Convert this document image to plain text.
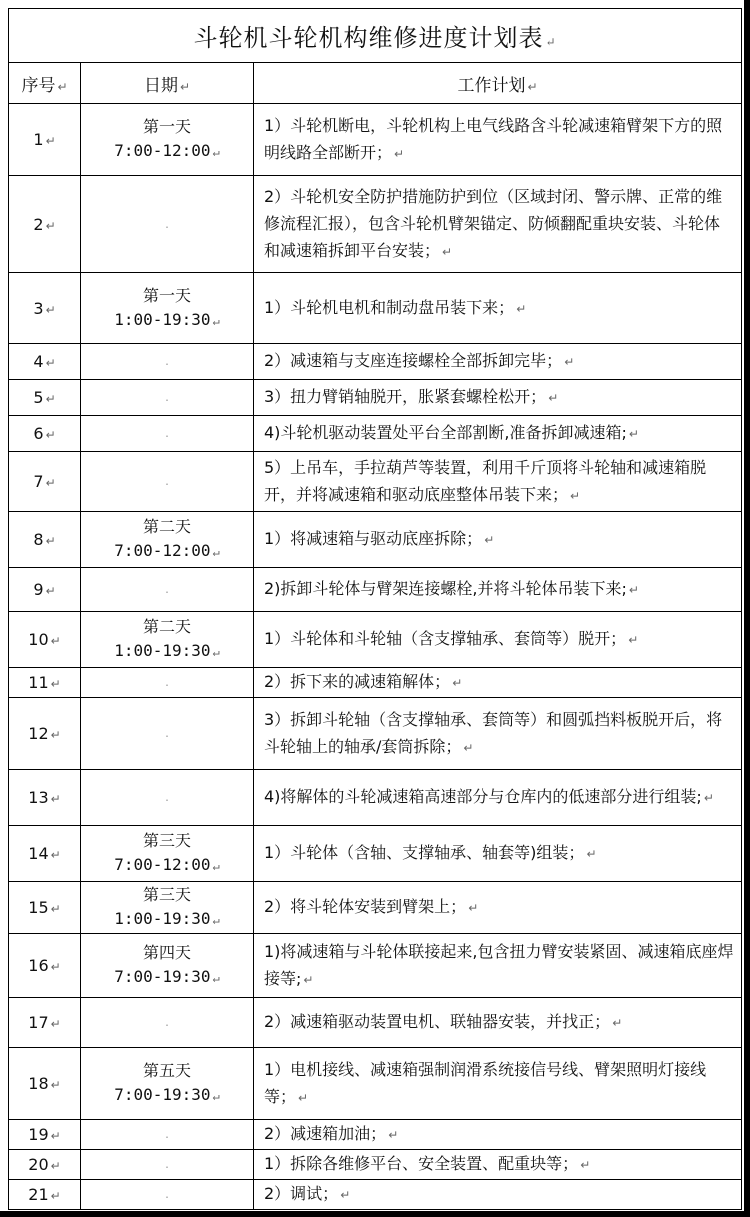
斗轮机斗轮机构维修进度计划表 ↵		
序号 ↵	日期 ↵	工作计划 ↵
1 ↵	第一天
7:00-12:00 ↵	1）斗轮机断电，斗轮机构上电气线路含斗轮减速箱臂架下方的照明线路全部断开； ↵
2 ↵	.	2）斗轮机安全防护措施防护到位（区域封闭、警示牌、正常的维修流程汇报），包含斗轮机臂架锚定、防倾翻配重块安装、斗轮体和减速箱拆卸平台安装； ↵
3 ↵	第一天
1:00-19:30 ↵	1）斗轮机电机和制动盘吊装下来； ↵
4 ↵	.	2）减速箱与支座连接螺栓全部拆卸完毕； ↵
5 ↵	.	3）扭力臂销轴脱开，胀紧套螺栓松开； ↵
6 ↵	.	4)斗轮机驱动装置处平台全部割断,准备拆卸减速箱; ↵
7 ↵	.	5）上吊车，手拉葫芦等装置，利用千斤顶将斗轮轴和减速箱脱开，并将减速箱和驱动底座整体吊装下来； ↵
8 ↵	第二天
7:00-12:00 ↵	1）将减速箱与驱动底座拆除； ↵
9 ↵	.	2)拆卸斗轮体与臂架连接螺栓,并将斗轮体吊装下来; ↵
10 ↵	第二天
1:00-19:30 ↵	1）斗轮体和斗轮轴（含支撑轴承、套筒等）脱开； ↵
11 ↵	.	2）拆下来的减速箱解体； ↵
12 ↵	.	3）拆卸斗轮轴（含支撑轴承、套筒等）和圆弧挡料板脱开后，将斗轮轴上的轴承/套筒拆除； ↵
13 ↵	.	4)将解体的斗轮减速箱高速部分与仓库内的低速部分进行组装; ↵
14 ↵	第三天
7:00-12:00 ↵	1）斗轮体（含轴、支撑轴承、轴套等)组装； ↵
15 ↵	第三天
1:00-19:30 ↵	2）将斗轮体安装到臂架上； ↵
16 ↵	第四天
7:00-19:30 ↵	1)将减速箱与斗轮体联接起来,包含扭力臂安装紧固、减速箱底座焊接等; ↵
17 ↵	.	2）减速箱驱动装置电机、联轴器安装，并找正； ↵
18 ↵	第五天
7:00-19:30 ↵	1）电机接线、减速箱强制润滑系统接信号线、臂架照明灯接线等； ↵
19 ↵	.	2）减速箱加油； ↵
20 ↵	.	1）拆除各维修平台、安全装置、配重块等； ↵
21 ↵	.	2）调试； ↵
